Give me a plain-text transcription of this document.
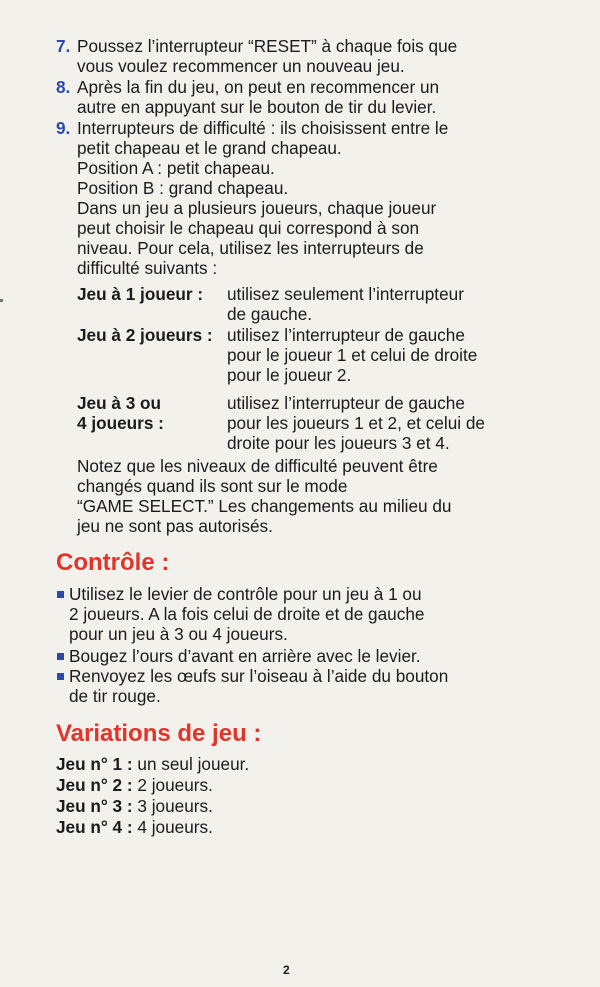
7. Poussez l’interrupteur “RESET” à chaque fois que
vous voulez recommencer un nouveau jeu.
8. Après la fin du jeu, on peut en recommencer un
autre en appuyant sur le bouton de tir du levier.
9. Interrupteurs de difficulté : ils choisissent entre le
petit chapeau et le grand chapeau.
Position A : petit chapeau.
Position B : grand chapeau.
Dans un jeu a plusieurs joueurs, chaque joueur
peut choisir le chapeau qui correspond à son
niveau. Pour cela, utilisez les interrupteurs de
difficulté suivants :
Jeu à 1 joueur : utilisez seulement l’interrupteur
de gauche.
Jeu à 2 joueurs : utilisez l’interrupteur de gauche
pour le joueur 1 et celui de droite
pour le joueur 2.
Jeu à 3 ou
4 joueurs :
utilisez l’interrupteur de gauche
pour les joueurs 1 et 2, et celui de
droite pour les joueurs 3 et 4.
Notez que les niveaux de difficulté peuvent être
changés quand ils sont sur le mode
“GAME SELECT.” Les changements au milieu du
jeu ne sont pas autorisés.
Contrôle :
Utilisez le levier de contrôle pour un jeu à 1 ou
2 joueurs. A la fois celui de droite et de gauche
pour un jeu à 3 ou 4 joueurs.
Bougez l’ours d’avant en arrière avec le levier.
Renvoyez les œufs sur l’oiseau à l’aide du bouton
de tir rouge.
Variations de jeu :
Jeu n° 1 : un seul joueur.
Jeu n° 2 : 2 joueurs.
Jeu n° 3 : 3 joueurs.
Jeu n° 4 : 4 joueurs.
2
